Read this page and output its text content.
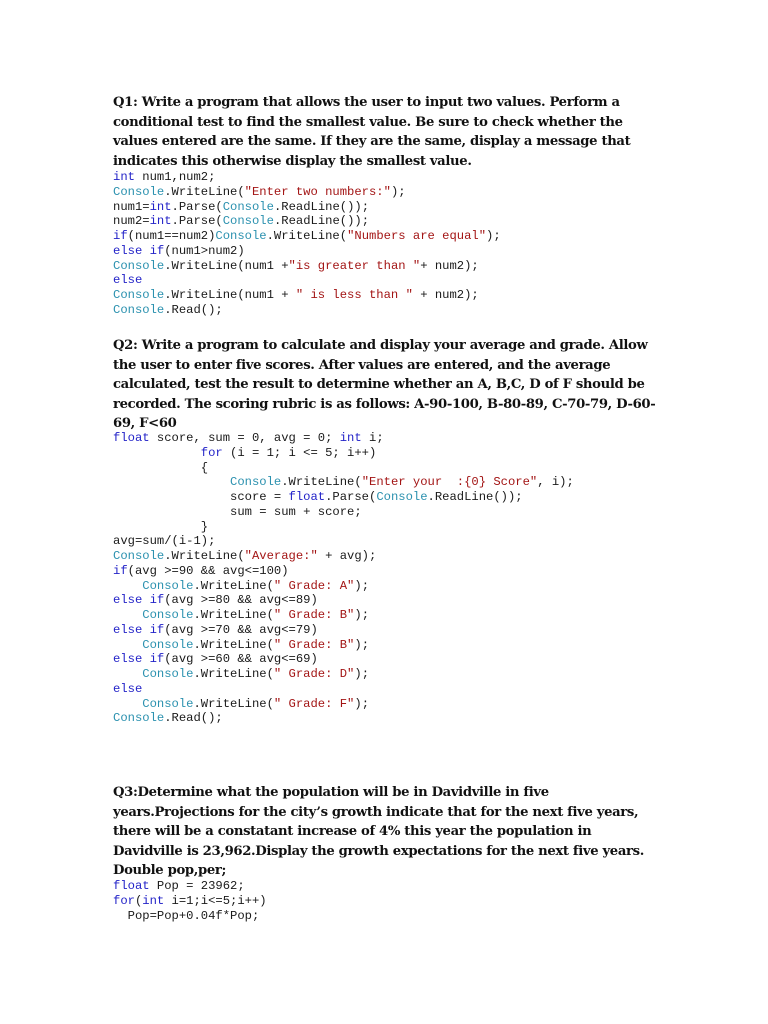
Q1: Write a program that allows the user to input two values. Perform a conditional test to find the smallest value. Be sure to check whether the values entered are the same. If they are the same, display a message that indicates this otherwise display the smallest value.
int num1,num2;
Console.WriteLine("Enter two numbers:");
num1=int.Parse(Console.ReadLine());
num2=int.Parse(Console.ReadLine());
if(num1==num2)Console.WriteLine("Numbers are equal");
else if(num1>num2)
Console.WriteLine(num1 +"is greater than "+ num2);
else
Console.WriteLine(num1 + " is less than " + num2);
Console.Read();
Q2: Write a program to calculate and display your average and grade. Allow the user to enter five scores. After values are entered, and the average calculated, test the result to determine whether an A, B,C, D of F should be recorded. The scoring rubric is as follows: A-90-100, B-80-89, C-70-79, D-60-69, F<60
float score, sum = 0, avg = 0; int i;
for (i = 1; i <= 5; i++)
{
Console.WriteLine("Enter your  :{0} Score", i);
score = float.Parse(Console.ReadLine());
sum = sum + score;
}
avg=sum/(i-1);
Console.WriteLine("Average:" + avg);
if(avg >=90 && avg<=100)
Console.WriteLine(" Grade: A");
else if(avg >=80 && avg<=89)
Console.WriteLine(" Grade: B");
else if(avg >=70 && avg<=79)
Console.WriteLine(" Grade: B");
else if(avg >=60 && avg<=69)
Console.WriteLine(" Grade: D");
else
Console.WriteLine(" Grade: F");
Console.Read();
Q3:Determine what the population will be in Davidville in five years.Projections for the city’s growth indicate that for the next five years, there will be a constatant increase of 4% this year the population in Davidville is 23,962.Display the growth expectations for the next five years.
Double pop,per;
float Pop = 23962;
for(int i=1;i<=5;i++)
Pop=Pop+0.04f*Pop;
